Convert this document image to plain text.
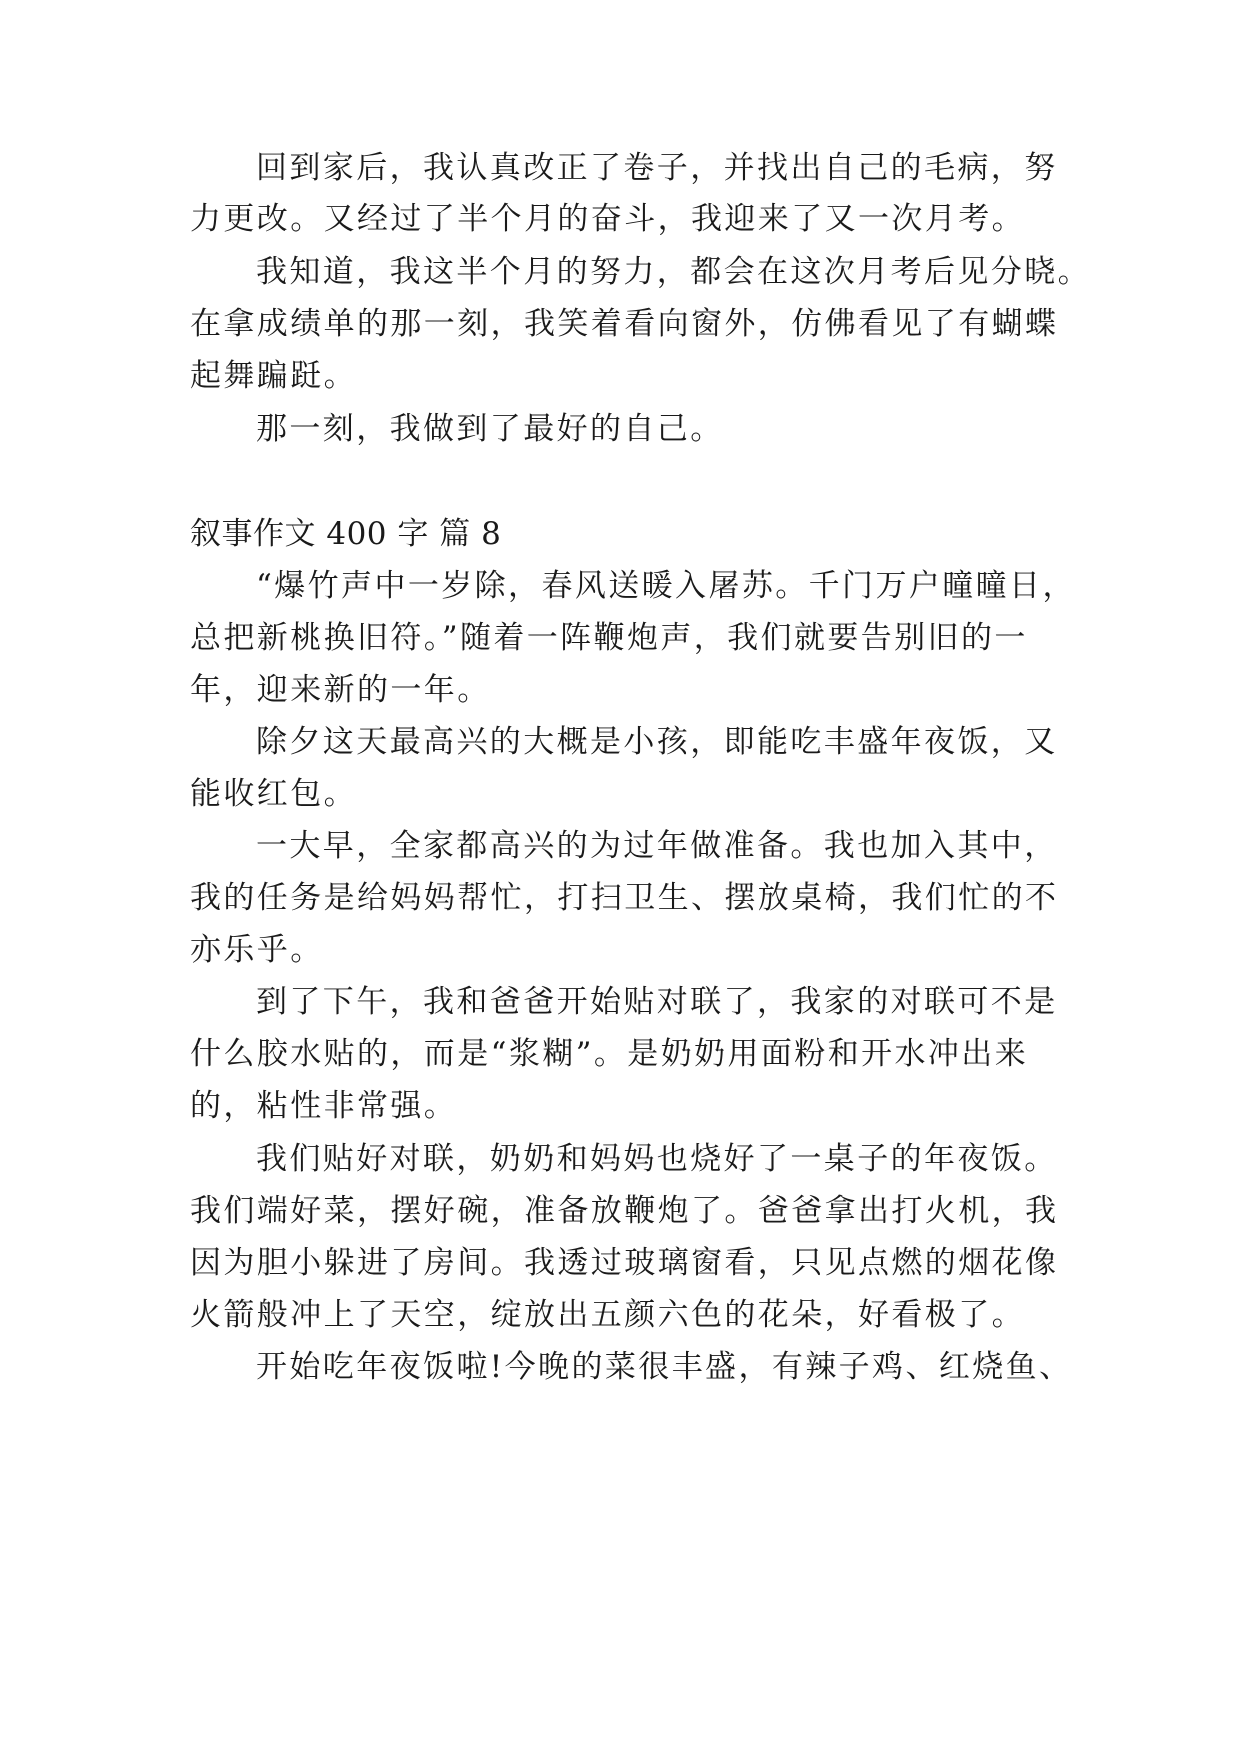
回到家后，我认真改正了卷子，并找出自己的毛病，努
力更改。又经过了半个月的奋斗，我迎来了又一次月考。
我知道，我这半个月的努力，都会在这次月考后见分晓。
在拿成绩单的那一刻，我笑着看向窗外，仿佛看见了有蝴蝶
起舞蹁跹。
那一刻，我做到了最好的自己。
叙事作文 400 字 篇 8
“爆竹声中一岁除，春风送暖入屠苏。千门万户曈曈日，
总把新桃换旧符。”随着一阵鞭炮声，我们就要告别旧的一
年，迎来新的一年。
除夕这天最高兴的大概是小孩，即能吃丰盛年夜饭，又
能收红包。
一大早，全家都高兴的为过年做准备。我也加入其中，
我的任务是给妈妈帮忙，打扫卫生、摆放桌椅，我们忙的不
亦乐乎。
到了下午，我和爸爸开始贴对联了，我家的对联可不是
什么胶水贴的，而是“浆糊”。是奶奶用面粉和开水冲出来
的，粘性非常强。
我们贴好对联，奶奶和妈妈也烧好了一桌子的年夜饭。
我们端好菜，摆好碗，准备放鞭炮了。爸爸拿出打火机，我
因为胆小躲进了房间。我透过玻璃窗看，只见点燃的烟花像
火箭般冲上了天空，绽放出五颜六色的花朵，好看极了。
开始吃年夜饭啦!今晚的菜很丰盛，有辣子鸡、红烧鱼、
